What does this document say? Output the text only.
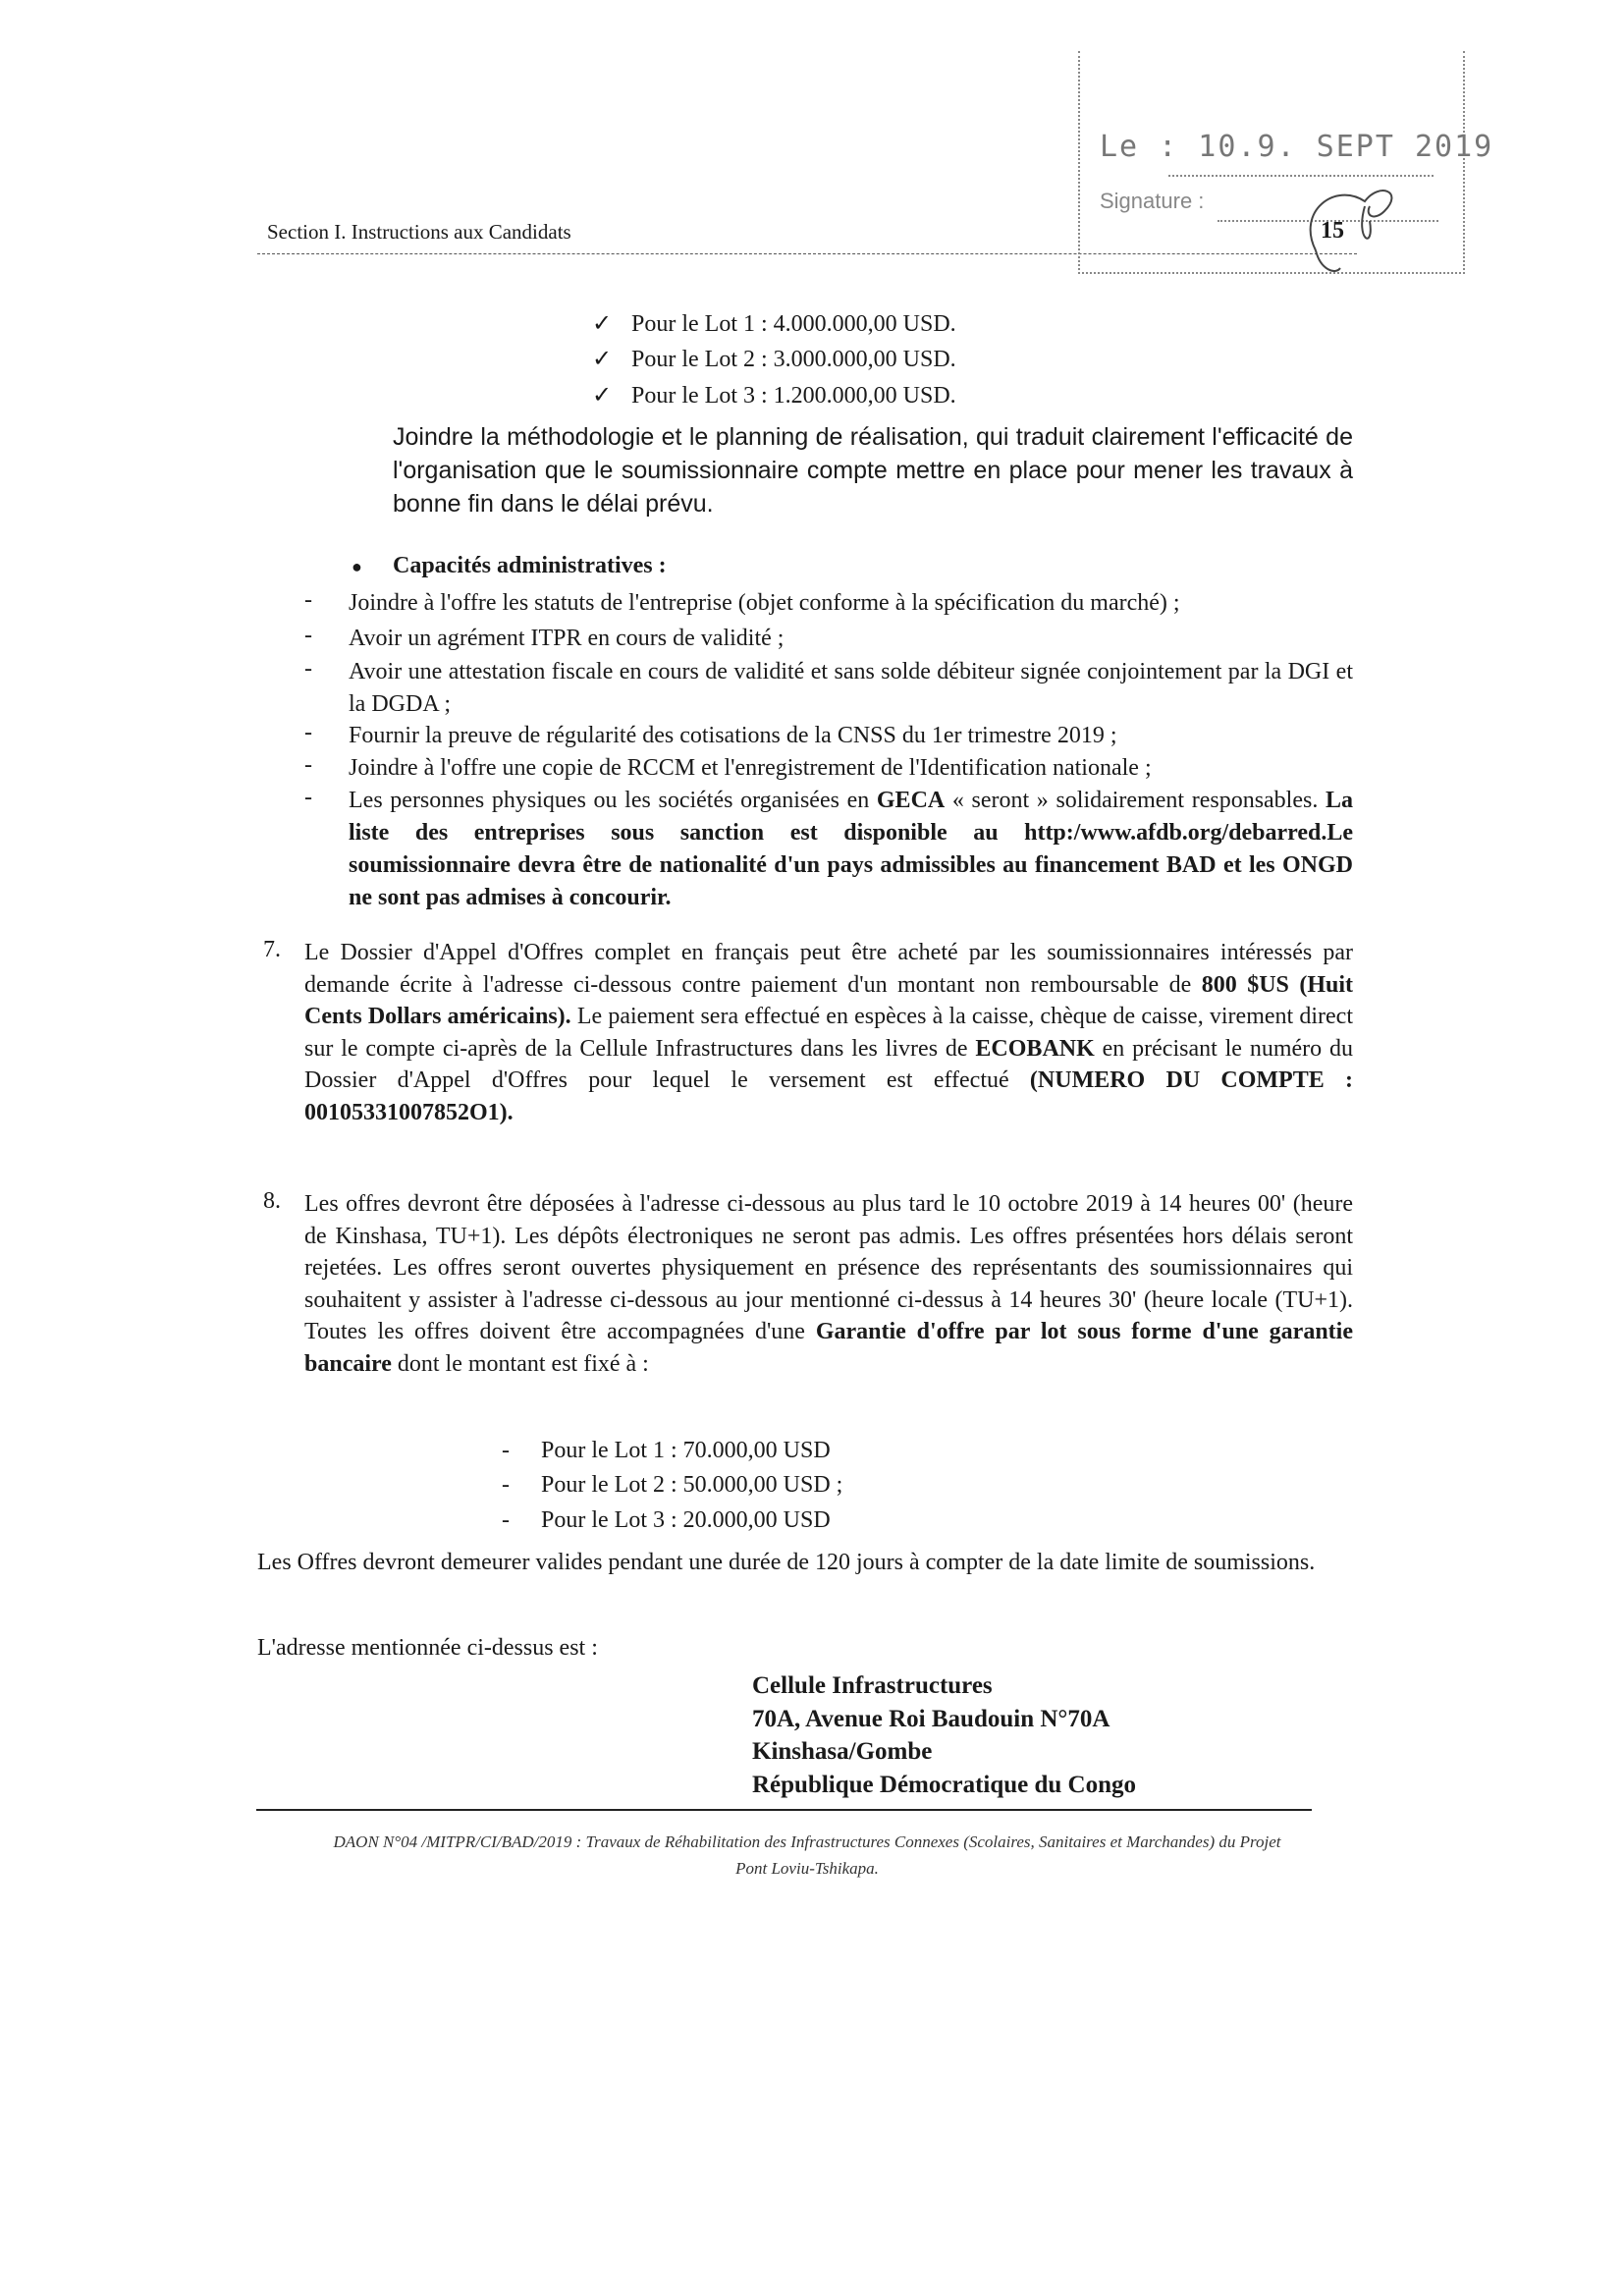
Section I. Instructions aux Candidats
Le : 10.9. SEPT 2019
Signature :
15
✓ Pour le Lot 1 : 4.000.000,00 USD.
✓ Pour le Lot 2 : 3.000.000,00 USD.
✓ Pour le Lot 3 : 1.200.000,00 USD.
Joindre la méthodologie et le planning de réalisation, qui traduit clairement l'efficacité de l'organisation que le soumissionnaire compte mettre en place pour mener les travaux à bonne fin dans le délai prévu.
● Capacités administratives :
- Joindre à l'offre les statuts de l'entreprise (objet conforme à la spécification du marché) ;
- Avoir un agrément ITPR en cours de validité ;
- Avoir une attestation fiscale en cours de validité et sans solde débiteur signée conjointement par la DGI et la DGDA ;
- Fournir la preuve de régularité des cotisations de la CNSS du 1er trimestre 2019 ;
- Joindre à l'offre une copie de RCCM et l'enregistrement de l'Identification nationale ;
- Les personnes physiques ou les sociétés organisées en GECA « seront » solidairement responsables. La liste des entreprises sous sanction est disponible au http:/www.afdb.org/debarred.Le soumissionnaire devra être de nationalité d'un pays admissibles au financement BAD et les ONGD ne sont pas admises à concourir.
7. Le Dossier d'Appel d'Offres complet en français peut être acheté par les soumissionnaires intéressés par demande écrite à l'adresse ci-dessous contre paiement d'un montant non remboursable de 800 $US (Huit Cents Dollars américains). Le paiement sera effectué en espèces à la caisse, chèque de caisse, virement direct sur le compte ci-après de la Cellule Infrastructures dans les livres de ECOBANK en précisant le numéro du Dossier d'Appel d'Offres pour lequel le versement est effectué (NUMERO DU COMPTE : 00105331007852O1).
8. Les offres devront être déposées à l'adresse ci-dessous au plus tard le 10 octobre 2019 à 14 heures 00' (heure de Kinshasa, TU+1). Les dépôts électroniques ne seront pas admis. Les offres présentées hors délais seront rejetées. Les offres seront ouvertes physiquement en présence des représentants des soumissionnaires qui souhaitent y assister à l'adresse ci-dessous au jour mentionné ci-dessus à 14 heures 30' (heure locale (TU+1). Toutes les offres doivent être accompagnées d'une Garantie d'offre par lot sous forme d'une garantie bancaire dont le montant est fixé à :
- Pour le Lot 1 : 70.000,00 USD
- Pour le Lot 2 : 50.000,00 USD ;
- Pour le Lot 3 : 20.000,00 USD
Les Offres devront demeurer valides pendant une durée de 120 jours à compter de la date limite de soumissions.
L'adresse mentionnée ci-dessus est :
Cellule Infrastructures
70A, Avenue Roi Baudouin N°70A
Kinshasa/Gombe
République Démocratique du Congo
DAON N°04 /MITPR/CI/BAD/2019 : Travaux de Réhabilitation des Infrastructures Connexes (Scolaires, Sanitaires et Marchandes) du Projet
Pont Loviu-Tshikapa.
